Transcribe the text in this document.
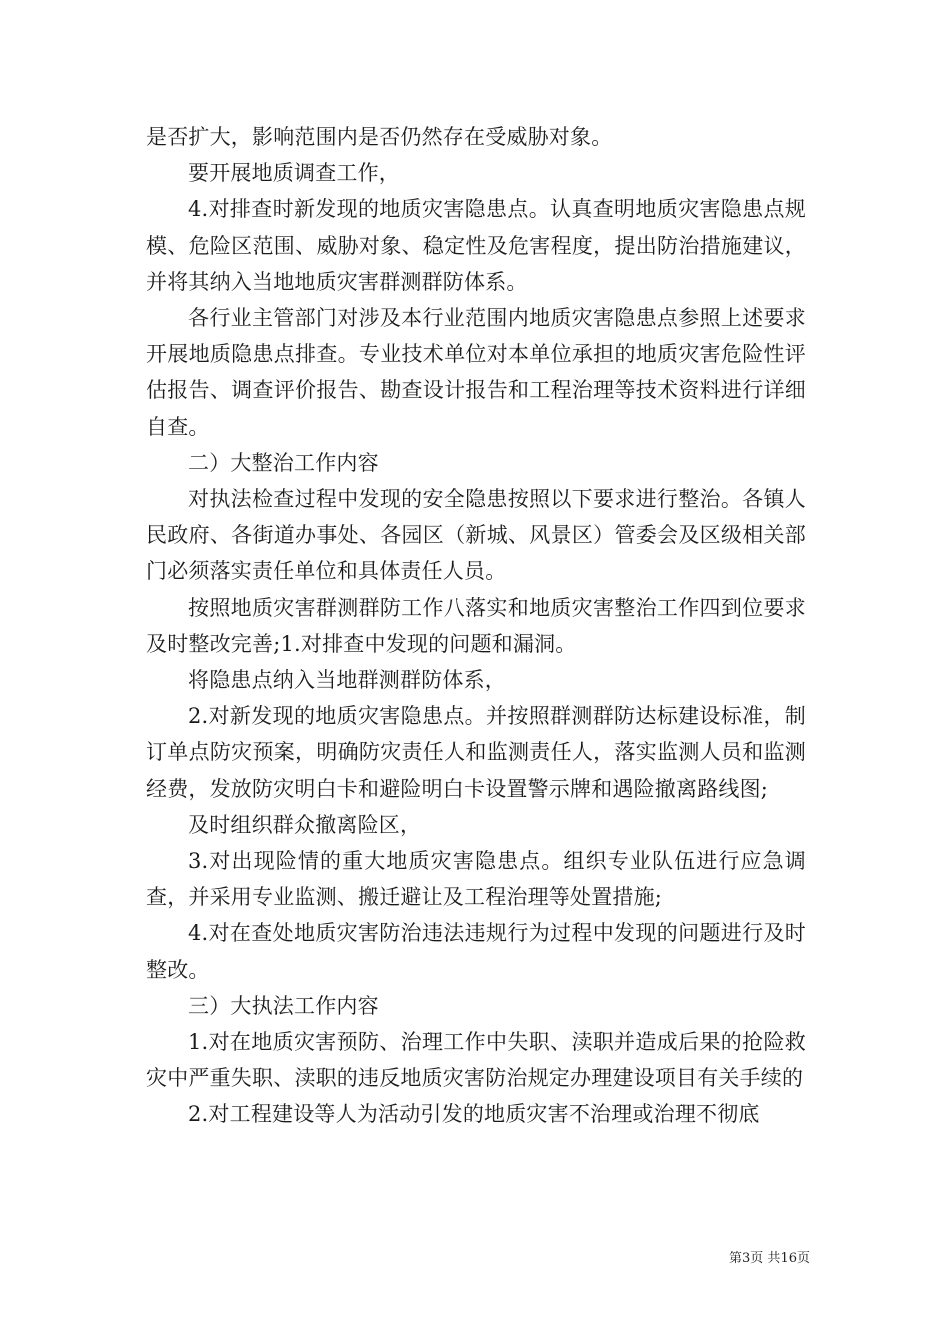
是否扩大，影响范围内是否仍然存在受威胁对象。

要开展地质调查工作，

4.对排查时新发现的地质灾害隐患点。认真查明地质灾害隐患点规模、危险区范围、威胁对象、稳定性及危害程度，提出防治措施建议，并将其纳入当地地质灾害群测群防体系。

各行业主管部门对涉及本行业范围内地质灾害隐患点参照上述要求开展地质隐患点排查。专业技术单位对本单位承担的地质灾害危险性评估报告、调查评价报告、勘查设计报告和工程治理等技术资料进行详细自查。

二）大整治工作内容

对执法检查过程中发现的安全隐患按照以下要求进行整治。各镇人民政府、各街道办事处、各园区（新城、风景区）管委会及区级相关部门必须落实责任单位和具体责任人员。

按照地质灾害群测群防工作八落实和地质灾害整治工作四到位要求及时整改完善;1.对排查中发现的问题和漏洞。

将隐患点纳入当地群测群防体系，

2.对新发现的地质灾害隐患点。并按照群测群防达标建设标准，制订单点防灾预案，明确防灾责任人和监测责任人，落实监测人员和监测经费，发放防灾明白卡和避险明白卡设置警示牌和遇险撤离路线图;

及时组织群众撤离险区，

3.对出现险情的重大地质灾害隐患点。组织专业队伍进行应急调查，并采用专业监测、搬迁避让及工程治理等处置措施;

4.对在查处地质灾害防治违法违规行为过程中发现的问题进行及时整改。

三）大执法工作内容

1.对在地质灾害预防、治理工作中失职、渎职并造成后果的抢险救灾中严重失职、渎职的违反地质灾害防治规定办理建设项目有关手续的

2.对工程建设等人为活动引发的地质灾害不治理或治理不彻底

第3页 共16页
